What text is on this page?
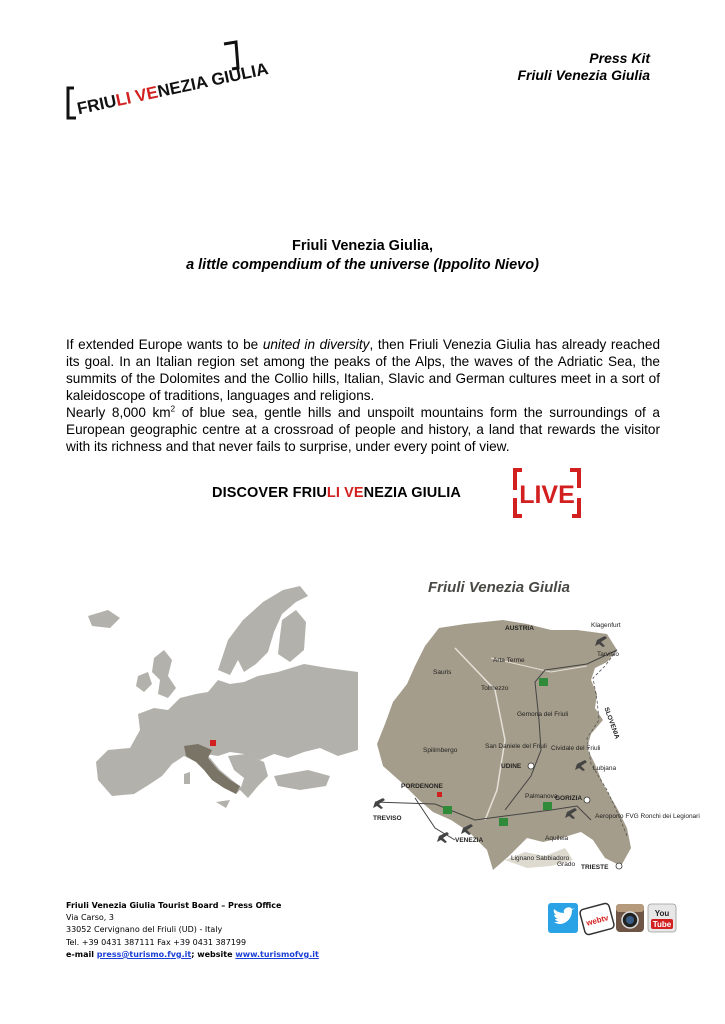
FRIULI VENEZIA GIULIA
Press Kit
Friuli Venezia Giulia
Friuli Venezia Giulia,
a little compendium of the universe (Ippolito Nievo)

If extended Europe wants to be united in diversity, then Friuli Venezia Giulia has already reached its goal. In an Italian region set among the peaks of the Alps, the waves of the Adriatic Sea, the summits of the Dolomites and the Collio hills, Italian, Slavic and German cultures meet in a sort of kaleidoscope of traditions, languages and religions.

Nearly 8,000 $km^2$ of blue sea, gentle hills and unspoilt mountains form the surroundings of a European geographic centre at a crossroad of people and history, a land that rewards the visitor with its richness and that never fails to surprise, under every point of view.

DISCOVER FRIULI VENEZIA GIULIA LIVE
Friuli Venezia Giulia
AUSTRIA	Klagenfurt
Tarvisio
Sauris
Arta Terme
Tolmezzo
Gemona del Friuli	SLOVENIA
Spilimbergo
San Daniele del Friuli Cividale del Friuli
UDINE	Lubjana
PORDENONE
Palmanova
GORIZIA
Aeroporto FVG Ronchi dei Legionari
TREVISO
VENEZIA	Aquileia
Lignano Sabbiadoro
Grado TRIESTE
Friuli Venezia Giulia Tourist Board – Press Office
Via Carso, 3
33052 Cervignano del Friuli (UD) - Italy
Tel. +39 0431 387111 Fax +39 0431 387199
e-mail press@turismo.fvg.it; website www.turismofvg.it
webtv	You
Tube
